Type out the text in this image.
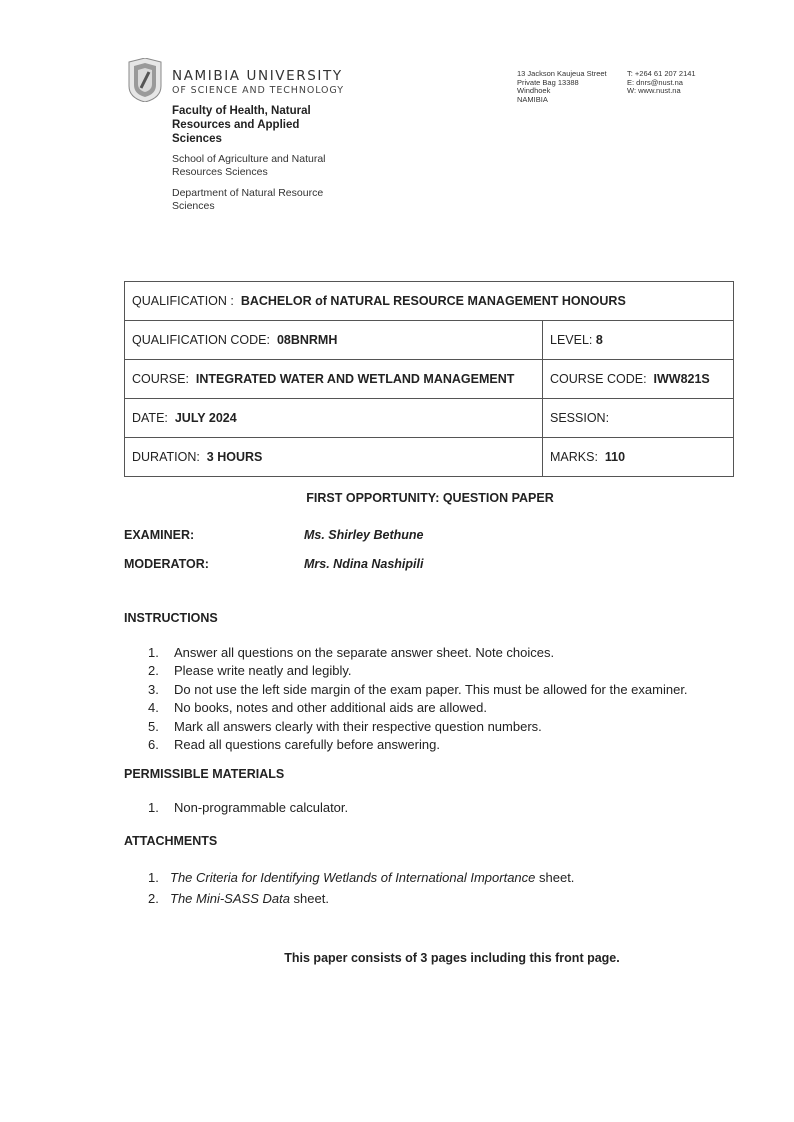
NAMIBIA UNIVERSITY
OF SCIENCE AND TECHNOLOGY
Faculty of Health, Natural Resources and Applied Sciences
School of Agriculture and Natural Resources Sciences
Department of Natural Resource Sciences
13 Jackson Kaujeua Street
Private Bag 13388
Windhoek
NAMIBIA
T: +264 61 207 2141
E: dnrs@nust.na
W: www.nust.na
QUALIFICATION : BACHELOR of NATURAL RESOURCE MANAGEMENT HONOURS	
QUALIFICATION CODE: 08BNRMH	LEVEL: 8
COURSE: INTEGRATED WATER AND WETLAND MANAGEMENT	COURSE CODE: IWW821S
DATE: JULY 2024	SESSION:
DURATION: 3 HOURS	MARKS: 110
FIRST OPPORTUNITY: QUESTION PAPER
EXAMINER:	Ms. Shirley Bethune
MODERATOR:	Mrs. Ndina Nashipili
INSTRUCTIONS
1.	Answer all questions on the separate answer sheet. Note choices.
2.	Please write neatly and legibly.
3.	Do not use the left side margin of the exam paper. This must be allowed for the examiner.
4.	No books, notes and other additional aids are allowed.
5.	Mark all answers clearly with their respective question numbers.
6.	Read all questions carefully before answering.
PERMISSIBLE MATERIALS
1.	Non-programmable calculator.
ATTACHMENTS
1. The Criteria for Identifying Wetlands of International Importance sheet.
2. The Mini-SASS Data sheet.
This paper consists of 3 pages including this front page.
